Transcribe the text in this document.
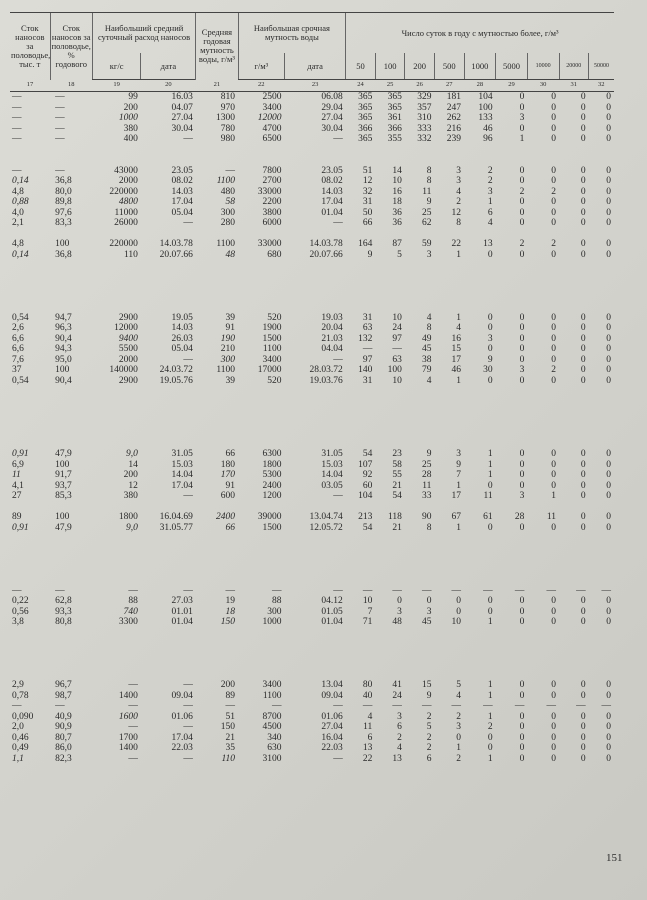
Сток наносов за половодье, тыс. т	Сток наносов за половодье, % годового	Наибольший средний суточный расход наносов		Средняя годовая мутность воды, г/м³	Наибольшая срочная мутность воды		Число суток в году с мутностью более, г/м³								
		кг/с	дата		г/м³	дата	50	100	200	500	1000	5000	10000	20000	50000
17	18	19	20	21	22	23	24	25	26	27	28	29	30	31	32
—	—	99	16.03	810	2500	06.08	365	365	329	181	104	0	0	0	0
—	—	200	04.07	970	3400	29.04	365	365	357	247	100	0	0	0	0
—	—	1000	27.04	1300	12000	27.04	365	361	310	262	133	3	0	0	0
—	—	380	30.04	780	4700	30.04	366	366	333	216	46	0	0	0	0
—	—	400	—	980	6500	—	365	355	332	239	96	1	0	0	0

—	—	43000	23.05	—	7800	23.05	51	14	8	3	2	0	0	0	0
0,14	36,8	2000	08.02	1100	2700	08.02	12	10	8	3	2	0	0	0	0
4,8	80,0	220000	14.03	480	33000	14.03	32	16	11	4	3	2	2	0	0
0,88	89,8	4800	17.04	58	2200	17.04	31	18	9	2	1	0	0	0	0
4,0	97,6	11000	05.04	300	3800	01.04	50	36	25	12	6	0	0	0	0
2,1	83,3	26000	—	280	6000	—	66	36	62	8	4	0	0	0	0

4,8	100	220000	14.03.78	1100	33000	14.03.78	164	87	59	22	13	2	2	0	0
0,14	36,8	110	20.07.66	48	680	20.07.66	9	5	3	1	0	0	0	0	0

0,54	94,7	2900	19.05	39	520	19.03	31	10	4	1	0	0	0	0	0
2,6	96,3	12000	14.03	91	1900	20.04	63	24	8	4	0	0	0	0	0
6,6	90,4	9400	26.03	190	1500	21.03	132	97	49	16	3	0	0	0	0
6,6	94,3	5500	05.04	210	1100	04.04	—	—	45	15	0	0	0	0	0
7,6	95,0	2000	—	300	3400	—	97	63	38	17	9	0	0	0	0
37	100	140000	24.03.72	1100	17000	28.03.72	140	100	79	46	30	3	2	0	0
0,54	90,4	2900	19.05.76	39	520	19.03.76	31	10	4	1	0	0	0	0	0

0,91	47,9	9,0	31.05	66	6300	31.05	54	23	9	3	1	0	0	0	0
6,9	100	14	15.03	180	1800	15.03	107	58	25	9	1	0	0	0	0
11	91,7	200	14.04	170	5300	14.04	92	55	28	7	1	0	0	0	0
4,1	93,7	12	17.04	91	2400	03.05	60	21	11	1	0	0	0	0	0
27	85,3	380	—	600	1200	—	104	54	33	17	11	3	1	0	0

89	100	1800	16.04.69	2400	39000	13.04.74	213	118	90	67	61	28	11	0	0
0,91	47,9	9,0	31.05.77	66	1500	12.05.72	54	21	8	1	0	0	0	0	0

—	—	—	—	—	—	—	—	—	—	—	—	—	—	—	—
0,22	62,8	88	27.03	19	88	04.12	10	0	0	0	0	0	0	0	0
0,56	93,3	740	01.01	18	300	01.05	7	3	3	0	0	0	0	0	0
3,8	80,8	3300	01.04	150	1000	01.04	71	48	45	10	1	0	0	0	0

2,9	96,7	—	—	200	3400	13.04	80	41	15	5	1	0	0	0	0
0,78	98,7	1400	09.04	89	1100	09.04	40	24	9	4	1	0	0	0	0
—	—	—	—	—	—	—	—	—	—	—	—	—	—	—	—
0,090	40,9	1600	01.06	51	8700	01.06	4	3	2	2	1	0	0	0	0
2,0	90,9	—	—	150	4500	27.04	11	6	5	3	2	0	0	0	0
0,46	80,7	1700	17.04	21	340	16.04	6	2	2	0	0	0	0	0	0
0,49	86,0	1400	22.03	35	630	22.03	13	4	2	1	0	0	0	0	0
1,1	82,3	—	—	110	3100	—	22	13	6	2	1	0	0	0	0
151
